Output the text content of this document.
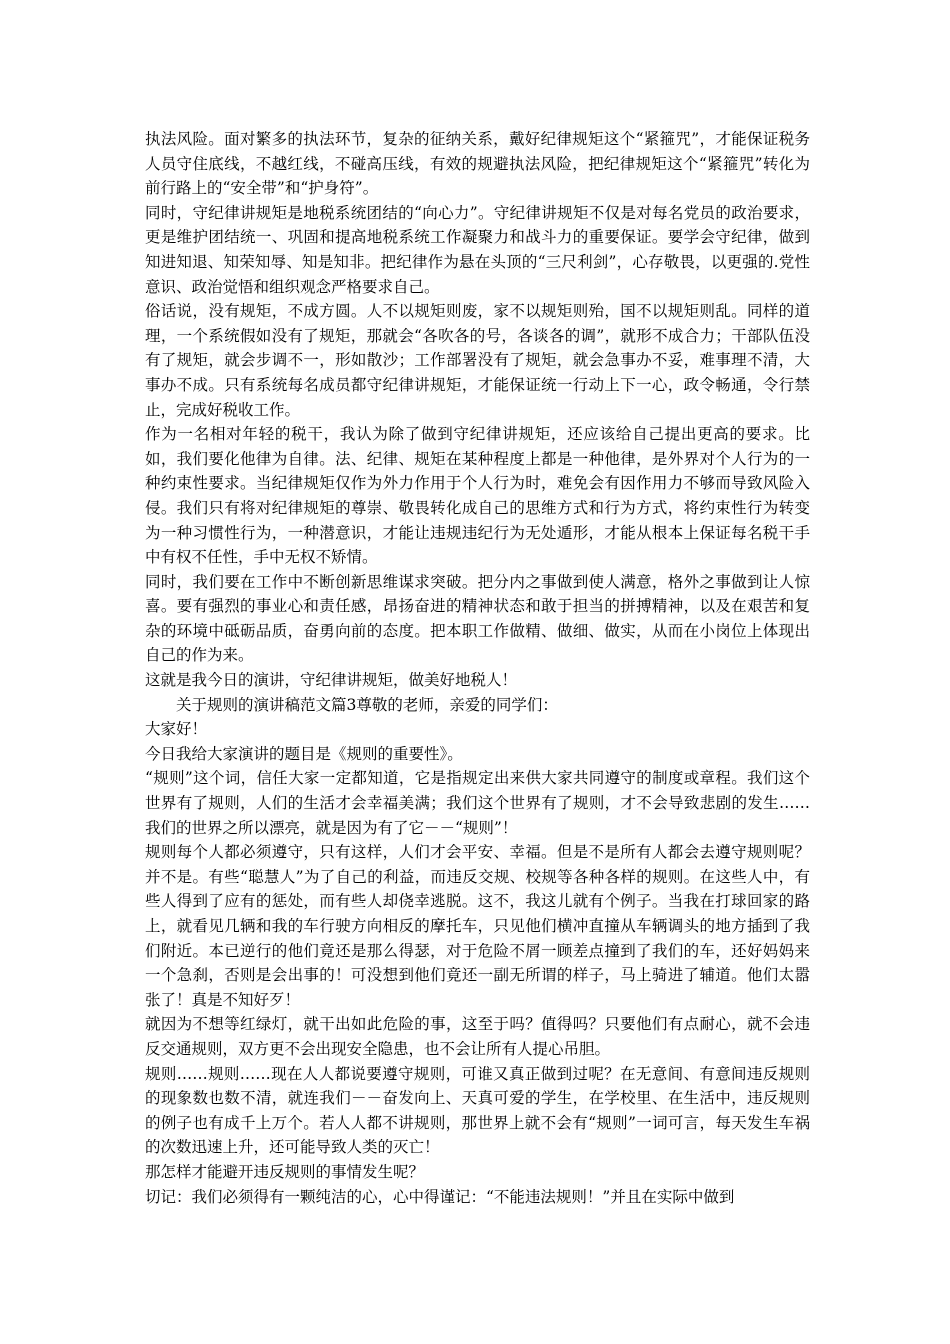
执法风险。面对繁多的执法环节，复杂的征纳关系，戴好纪律规矩这个“紧箍咒”，才能保证税务人员守住底线，不越红线，不碰高压线，有效的规避执法风险，把纪律规矩这个“紧箍咒”转化为前行路上的“安全带”和“护身符”。

同时，守纪律讲规矩是地税系统团结的“向心力”。守纪律讲规矩不仅是对每名党员的政治要求，更是维护团结统一、巩固和提高地税系统工作凝聚力和战斗力的重要保证。要学会守纪律，做到知进知退、知荣知辱、知是知非。把纪律作为悬在头顶的“三尺利剑”，心存敬畏，以更强的.党性意识、政治觉悟和组织观念严格要求自己。

俗话说，没有规矩，不成方圆。人不以规矩则废，家不以规矩则殆，国不以规矩则乱。同样的道理，一个系统假如没有了规矩，那就会“各吹各的号，各谈各的调”，就形不成合力；干部队伍没有了规矩，就会步调不一，形如散沙；工作部署没有了规矩，就会急事办不妥，难事理不清，大事办不成。只有系统每名成员都守纪律讲规矩，才能保证统一行动上下一心，政令畅通，令行禁止，完成好税收工作。

作为一名相对年轻的税干，我认为除了做到守纪律讲规矩，还应该给自己提出更高的要求。比如，我们要化他律为自律。法、纪律、规矩在某种程度上都是一种他律，是外界对个人行为的一种约束性要求。当纪律规矩仅作为外力作用于个人行为时，难免会有因作用力不够而导致风险入侵。我们只有将对纪律规矩的尊崇、敬畏转化成自己的思维方式和行为方式，将约束性行为转变为一种习惯性行为，一种潜意识，才能让违规违纪行为无处遁形，才能从根本上保证每名税干手中有权不任性，手中无权不矫情。

同时，我们要在工作中不断创新思维谋求突破。把分内之事做到使人满意，格外之事做到让人惊喜。要有强烈的事业心和责任感，昂扬奋进的精神状态和敢于担当的拼搏精神，以及在艰苦和复杂的环境中砥砺品质，奋勇向前的态度。把本职工作做精、做细、做实，从而在小岗位上体现出自己的作为来。

这就是我今日的演讲，守纪律讲规矩，做美好地税人！

关于规则的演讲稿范文篇3尊敬的老师，亲爱的同学们：

大家好！

今日我给大家演讲的题目是《规则的重要性》。

“规则”这个词，信任大家一定都知道，它是指规定出来供大家共同遵守的制度或章程。我们这个世界有了规则，人们的生活才会幸福美满；我们这个世界有了规则，才不会导致悲剧的发生……我们的世界之所以漂亮，就是因为有了它－－“规则”！

规则每个人都必须遵守，只有这样，人们才会平安、幸福。但是不是所有人都会去遵守规则呢？并不是。有些“聪慧人”为了自己的利益，而违反交规、校规等各种各样的规则。在这些人中，有些人得到了应有的惩处，而有些人却侥幸逃脱。这不，我这儿就有个例子。当我在打球回家的路上，就看见几辆和我的车行驶方向相反的摩托车，只见他们横冲直撞从车辆调头的地方插到了我们附近。本已逆行的他们竟还是那么得瑟，对于危险不屑一顾差点撞到了我们的车，还好妈妈来一个急刹，否则是会出事的！可没想到他们竟还一副无所谓的样子，马上骑进了辅道。他们太嚣张了！真是不知好歹！

就因为不想等红绿灯，就干出如此危险的事，这至于吗？值得吗？只要他们有点耐心，就不会违反交通规则，双方更不会出现安全隐患，也不会让所有人提心吊胆。

规则……规则……现在人人都说要遵守规则，可谁又真正做到过呢？在无意间、有意间违反规则的现象数也数不清，就连我们－－奋发向上、天真可爱的学生，在学校里、在生活中，违反规则的例子也有成千上万个。若人人都不讲规则，那世界上就不会有“规则”一词可言，每天发生车祸的次数迅速上升，还可能导致人类的灭亡！

那怎样才能避开违反规则的事情发生呢？

切记：我们必须得有一颗纯洁的心，心中得谨记：“不能违法规则！”并且在实际中做到
